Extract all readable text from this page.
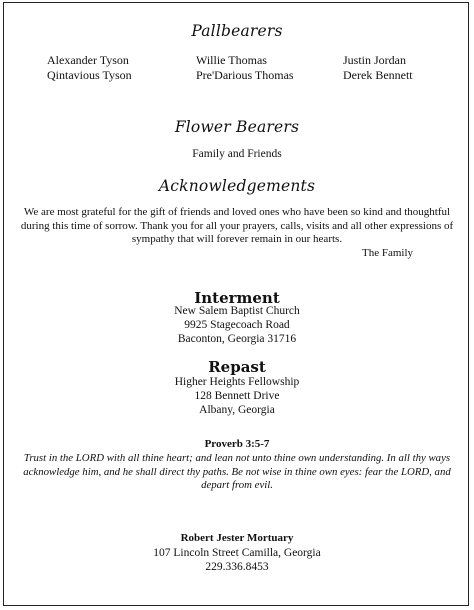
Pallbearers
Alexander Tyson
Qintavious Tyson
Willie Thomas
Pre'Darious Thomas
Justin Jordan
Derek Bennett
Flower Bearers
Family and Friends
Acknowledgements
We are most grateful for the gift of friends and loved ones who have been so kind and thoughtful during this time of sorrow. Thank you for all your prayers, calls, visits and all other expressions of sympathy that will forever remain in our hearts.
The Family
Interment
New Salem Baptist Church
9925 Stagecoach Road
Baconton, Georgia 31716
Repast
Higher Heights Fellowship
128 Bennett Drive
Albany, Georgia
Proverb 3:5-7
Trust in the LORD with all thine heart; and lean not unto thine own understanding. In all thy ways acknowledge him, and he shall direct thy paths. Be not wise in thine own eyes: fear the LORD, and depart from evil.
Robert Jester Mortuary
107 Lincoln Street Camilla, Georgia
229.336.8453
